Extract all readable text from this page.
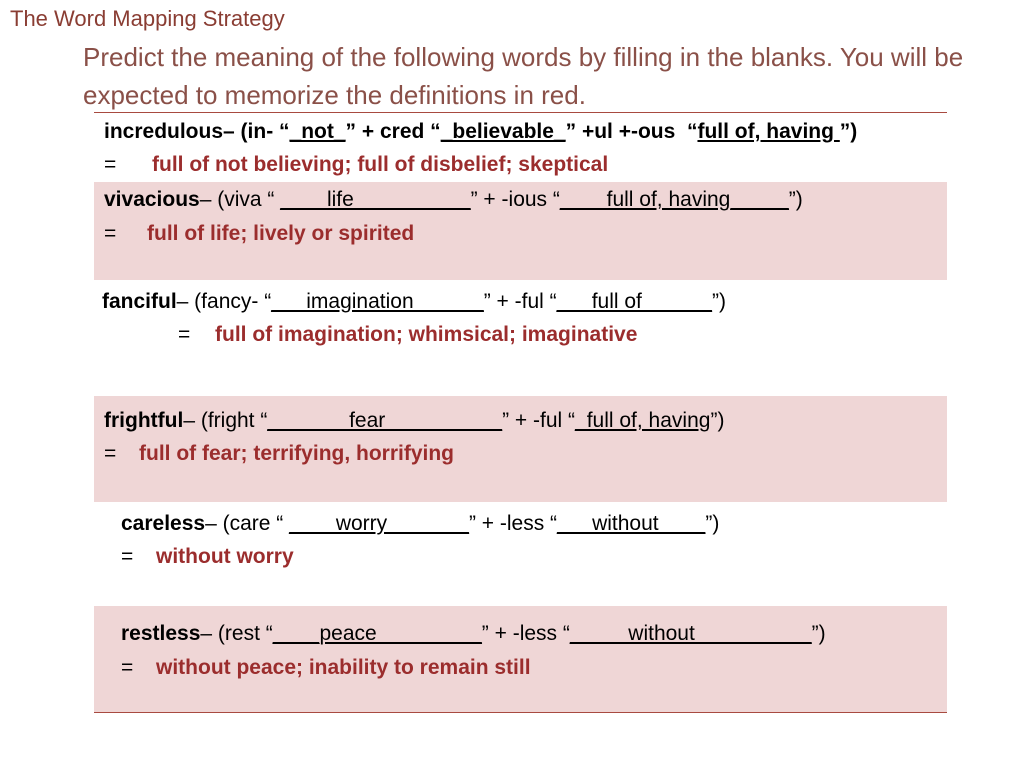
The Word Mapping Strategy
Predict the meaning of the following words by filling in the blanks. You will be expected to memorize the definitions in red.
incredulous– (in- “_not_” + cred “_believable_” +ul +-ous  “full of, having ”)
= full of not believing; full of disbelief; skeptical
vivacious– (viva “ ____life__________” + -ious “____full of, having_____”)
= full of life; lively or spirited
fanciful– (fancy- “___imagination______” + -ful “___full of______”)
= full of imagination; whimsical; imaginative
frightful– (fright “_______fear__________” + -ful “_full of, having”)
= full of fear; terrifying, horrifying
careless– (care “ ____worry_______” + -less “___without____”)
= without worry
restless– (rest “____peace_________” + -less “_____without__________”)
= without peace; inability to remain still
